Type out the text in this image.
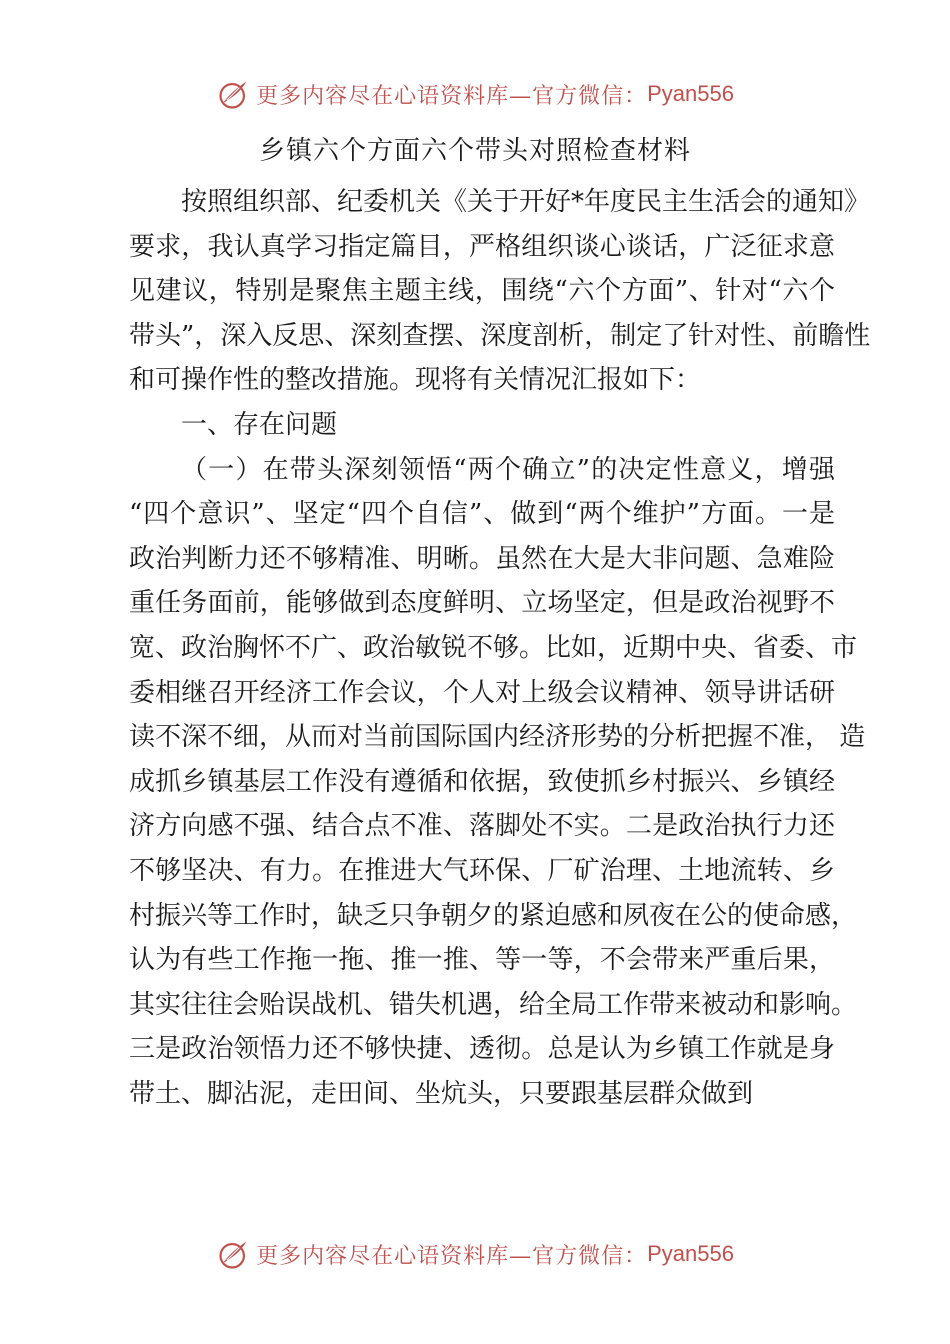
更多内容尽在心语资料库—官方微信： Pyan556
乡镇六个方面六个带头对照检查材料
按照组织部、纪委机关《关于开好*年度民主生活会的通知》
要求，我认真学习指定篇目，严格组织谈心谈话，广泛征求意
见建议，特别是聚焦主题主线，围绕“六个方面”、针对“六个
带头”，深入反思、深刻查摆、深度剖析，制定了针对性、前瞻性
和可操作性的整改措施。现将有关情况汇报如下：
一、存在问题
（一）在带头深刻领悟“两个确立”的决定性意义，增强
“四个意识”、坚定“四个自信”、做到“两个维护”方面。一是
政治判断力还不够精准、明晰。虽然在大是大非问题、急难险
重任务面前，能够做到态度鲜明、立场坚定，但是政治视野不
宽、政治胸怀不广、政治敏锐不够。比如，近期中央、省委、市
委相继召开经济工作会议，个人对上级会议精神、领导讲话研
读不深不细，从而对当前国际国内经济形势的分析把握不准， 造
成抓乡镇基层工作没有遵循和依据，致使抓乡村振兴、乡镇经
济方向感不强、结合点不准、落脚处不实。二是政治执行力还
不够坚决、有力。在推进大气环保、厂矿治理、土地流转、乡
村振兴等工作时，缺乏只争朝夕的紧迫感和夙夜在公的使命感，
认为有些工作拖一拖、推一推、等一等，不会带来严重后果，
其实往往会贻误战机、错失机遇，给全局工作带来被动和影响。
三是政治领悟力还不够快捷、透彻。总是认为乡镇工作就是身
带土、脚沾泥，走田间、坐炕头，只要跟基层群众做到
更多内容尽在心语资料库—官方微信： Pyan556
